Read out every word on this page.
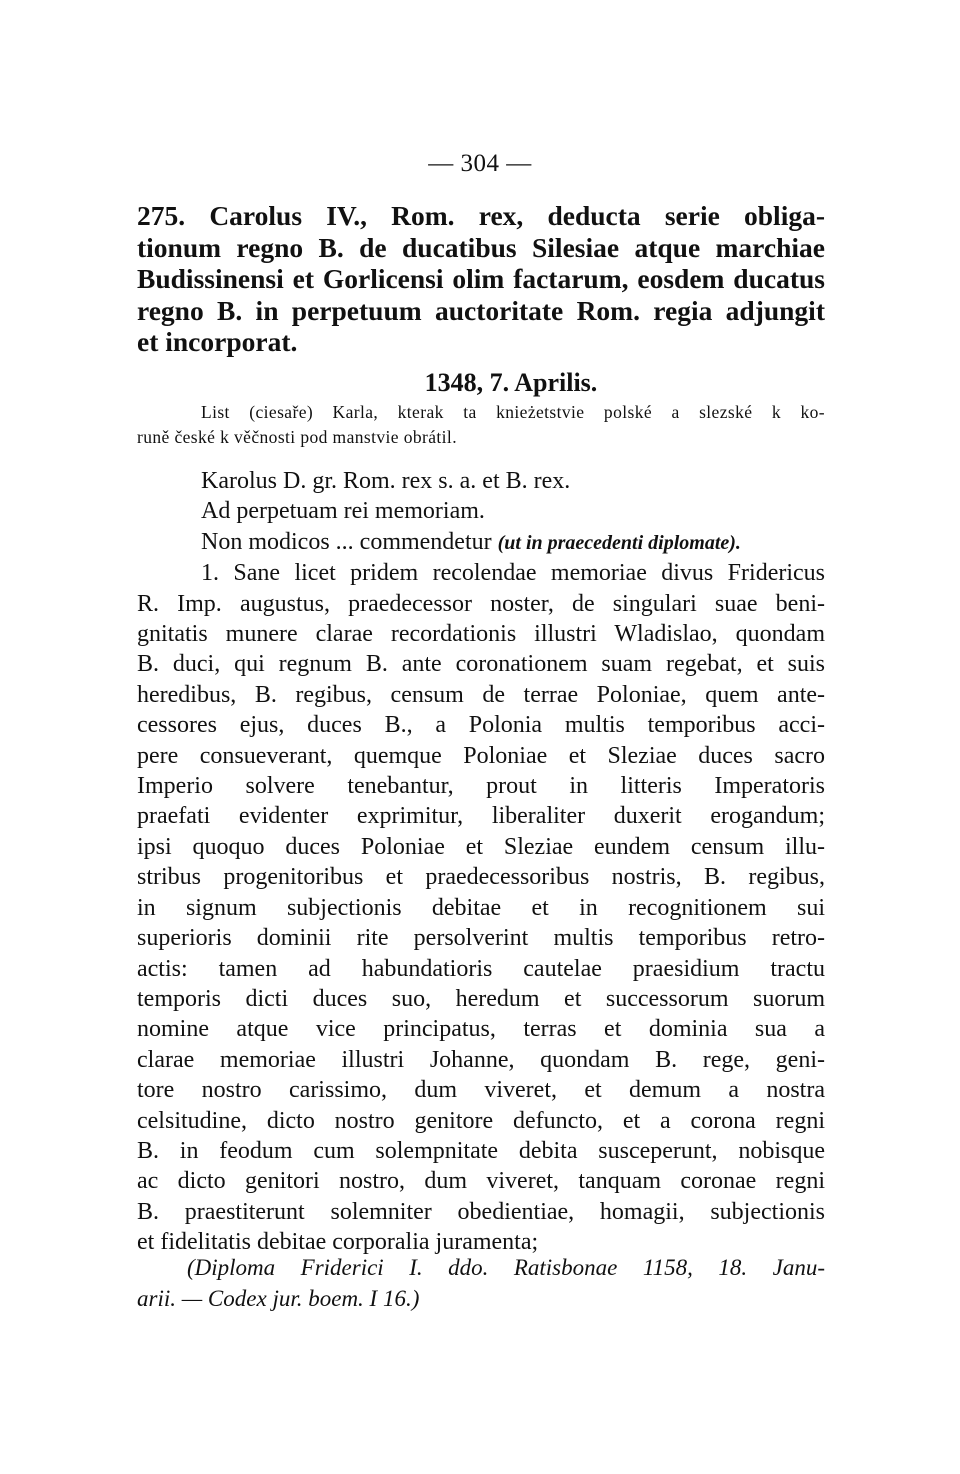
— 304 —
275. Carolus IV., Rom. rex, deducta serie obliga-
tionum regno B. de ducatibus Silesiae atque marchiae
Budissinensi et Gorlicensi olim factarum, eosdem ducatus
regno B. in perpetuum auctoritate Rom. regia adjungit
et incorporat.
1348, 7. Aprilis.
List (ciesaře) Karla, kterak ta knieżetstvie polské a slezské k ko-
runě české k věčnosti pod manstvie obrátil.
Karolus D. gr. Rom. rex s. a. et B. rex.
Ad perpetuam rei memoriam.
Non modicos ... commendetur (ut in praecedenti diplomate).
1. Sane licet pridem recolendae memoriae divus Fridericus
R. Imp. augustus, praedecessor noster, de singulari suae beni-
gnitatis munere clarae recordationis illustri Wladislao, quondam
B. duci, qui regnum B. ante coronationem suam regebat, et suis
heredibus, B. regibus, censum de terrae Poloniae, quem ante-
cessores ejus, duces B., a Polonia multis temporibus acci-
pere consueverant, quemque Poloniae et Sleziae duces sacro
Imperio solvere tenebantur, prout in litteris Imperatoris
praefati evidenter exprimitur, liberaliter duxerit erogandum;
ipsi quoquo duces Poloniae et Sleziae eundem censum illu-
stribus progenitoribus et praedecessoribus nostris, B. regibus,
in signum subjectionis debitae et in recognitionem sui
superioris dominii rite persolverint multis temporibus retro-
actis: tamen ad habundatioris cautelae praesidium tractu
temporis dicti duces suo, heredum et successorum suorum
nomine atque vice principatus, terras et dominia sua a
clarae memoriae illustri Johanne, quondam B. rege, geni-
tore nostro carissimo, dum viveret, et demum a nostra
celsitudine, dicto nostro genitore defuncto, et a corona regni
B. in feodum cum solempnitate debita susceperunt, nobisque
ac dicto genitori nostro, dum viveret, tanquam coronae regni
B. praestiterunt solemniter obedientiae, homagii, subjectionis
et fidelitatis debitae corporalia juramenta;
(Diploma Friderici I. ddo. Ratisbonae 1158, 18. Janu-
arii. — Codex jur. boem. I 16.)
